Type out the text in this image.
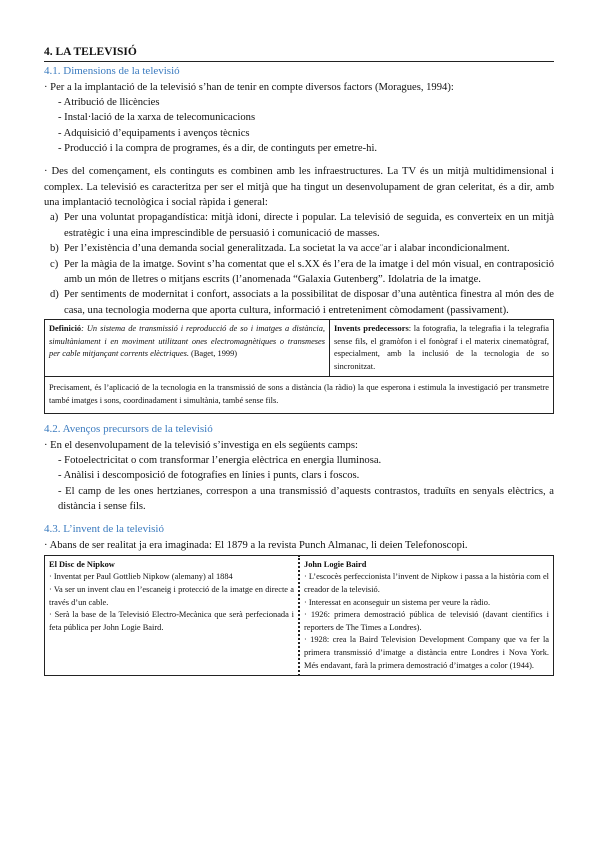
4. LA TELEVISIÓ
4.1. Dimensions de la televisió
· Per a la implantació de la televisió s’han de tenir en compte diversos factors (Moragues, 1994):
- Atribució de llicències
- Instal·lació de la xarxa de telecomunicacions
- Adquisició d’equipaments i avenços tècnics
- Producció i la compra de programes, és a dir, de continguts per emetre-hi.
· Des del començament, els continguts es combinen amb les infraestructures. La TV és un mitjà multidimensional i complex. La televisió es caracteritza per ser el mitjà que ha tingut un desenvolupament de gran celeritat, és a dir, amb una implantació tecnològica i social ràpida i general:
a) Per una voluntat propagandística: mitjà idoni, directe i popular. La televisió de seguida, es converteix en un mitjà estratègic i una eina imprescindible de persuasió i comunicació de masses.
b) Per l’existència d’una demanda social generalitzada. La societat la va acce¨ar i alabar incondicionalment.
c) Per la màgia de la imatge. Sovint s’ha comentat que el s.XX és l’era de la imatge i del món visual, en contraposició amb un món de lletres o mitjans escrits (l’anomenada “Galaxia Gutenberg”. Idolatria de la imatge.
d) Per sentiments de modernitat i confort, associats a la possibilitat de disposar d’una autèntica finestra al món des de casa, una tecnologia moderna que aporta cultura, informació i entreteniment còmodament (passivament).
Definició: Un sistema de transmissió i reproducció de so i imatges a distància, simultàniament i en moviment utilitzant ones electromagnètiques o transmeses per cable mitjançant corrents elèctriques. (Baget, 1999)	Invents predecessors: la fotografia, la telegrafia i la telegrafia sense fils, el gramòfon i el fonògraf i el materix cinematògraf, especialment, amb la inclusió de la tecnologia de so sincronitzat.
Precisament, és l’aplicació de la tecnologia en la transmissió de sons a distància (la ràdio) la que esperona i estimula la investigació per transmetre també imatges i sons, coordinadament i simultània, també sense fils.
4.2. Avenços precursors de la televisió
· En el desenvolupament de la televisió s’investiga en els següents camps:
- Fotoelectricitat o com transformar l’energia elèctrica en energia lluminosa.
- Anàlisi i descomposició de fotografies en línies i punts, clars i foscos.
- El camp de les ones hertzianes, correspon a una transmissió d’aquests contrastos, traduïts en senyals elèctrics, a distància i sense fils.
4.3. L’invent de la televisió
· Abans de ser realitat ja era imaginada: El 1879 a la revista Punch Almanac, li deien Telefonoscopi.
El Disc de Nipkow
· Inventat per Paul Gottlieb Nipkow (alemany) al 1884
· Va ser un invent clau en l’escaneig i protecció de la imatge en directe a través d’un cable.
· Serà la base de la Televisió Electro-Mecànica que serà perfecionada i feta pública per John Logie Baird.

John Logie Baird
· L’escocès perfeccionista l’invent de Nipkow i passa a la història com el creador de la televisió.
· Interessat en aconseguir un sistema per veure la ràdio.
· 1926: primera demostració pública de televisió (davant científics i reporters de The Times a Londres).
· 1928: crea la Baird Television Development Company que va fer la primera transmissió d’imatge a distància entre Londres i Nova York. Més endavant, farà la primera demostració d’imatges a color (1944).
